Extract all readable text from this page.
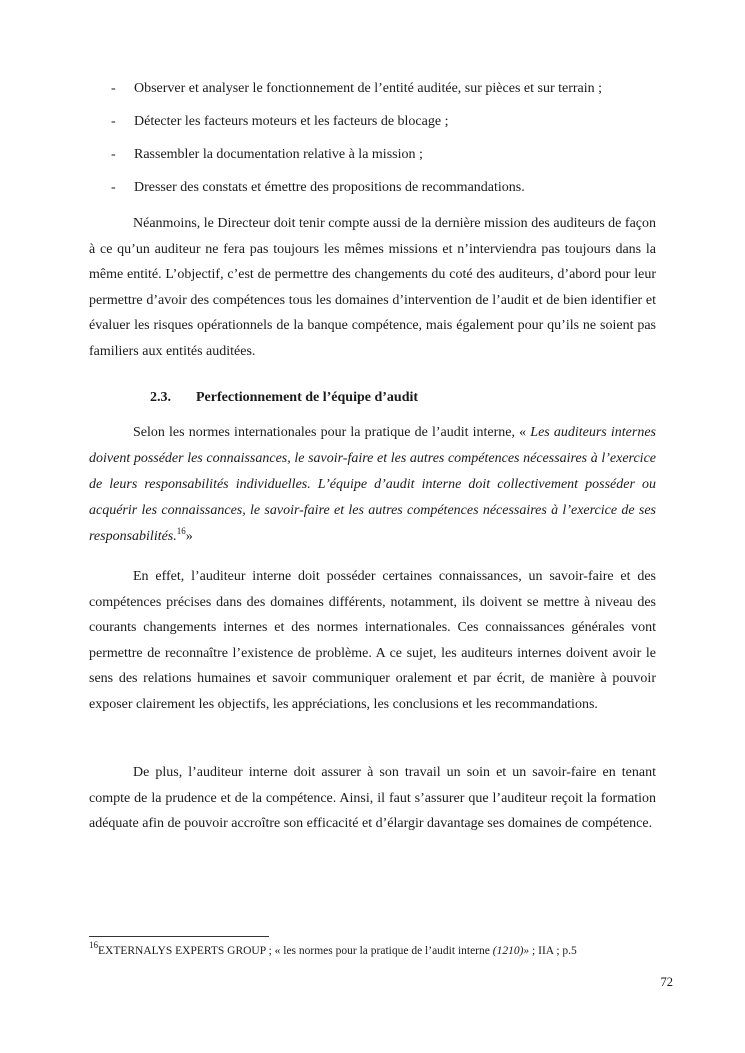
- Observer et analyser le fonctionnement de l’entité auditée, sur pièces et sur terrain ;
- Détecter les facteurs moteurs et les facteurs de blocage ;
- Rassembler la documentation relative à la mission ;
- Dresser des constats et émettre des propositions de recommandations.

Néanmoins, le Directeur doit tenir compte aussi de la dernière mission des auditeurs de façon à ce qu’un auditeur ne fera pas toujours les mêmes missions et n’interviendra pas toujours dans la même entité. L’objectif, c’est de permettre des changements du coté des auditeurs, d’abord pour leur permettre d’avoir des compétences tous les domaines d’intervention de l’audit et de bien identifier et évaluer les risques opérationnels de la banque compétence, mais également pour qu’ils ne soient pas familiers aux entités auditées.

2.3. Perfectionnement de l’équipe d’audit

Selon les normes internationales pour la pratique de l’audit interne, « Les auditeurs internes doivent posséder les connaissances, le savoir-faire et les autres compétences nécessaires à l’exercice de leurs responsabilités individuelles. L’équipe d’audit interne doit collectivement posséder ou acquérir les connaissances, le savoir-faire et les autres compétences nécessaires à l’exercice de ses responsabilités.$^{16}$»

En effet, l’auditeur interne doit posséder certaines connaissances, un savoir-faire et des compétences précises dans des domaines différents, notamment, ils doivent se mettre à niveau des courants changements internes et des normes internationales. Ces connaissances générales vont permettre de reconnaître l’existence de problème. A ce sujet, les auditeurs internes doivent avoir le sens des relations humaines et savoir communiquer oralement et par écrit, de manière à pouvoir exposer clairement les objectifs, les appréciations, les conclusions et les recommandations.

De plus, l’auditeur interne doit assurer à son travail un soin et un savoir-faire en tenant compte de la prudence et de la compétence. Ainsi, il faut s’assurer que l’auditeur reçoit la formation adéquate afin de pouvoir accroître son efficacité et d’élargir davantage ses domaines de compétence.

$^{16}$EXTERNALYS EXPERTS GROUP ; « les normes pour la pratique de l’audit interne (1210)» ; IIA ; p.5
72
